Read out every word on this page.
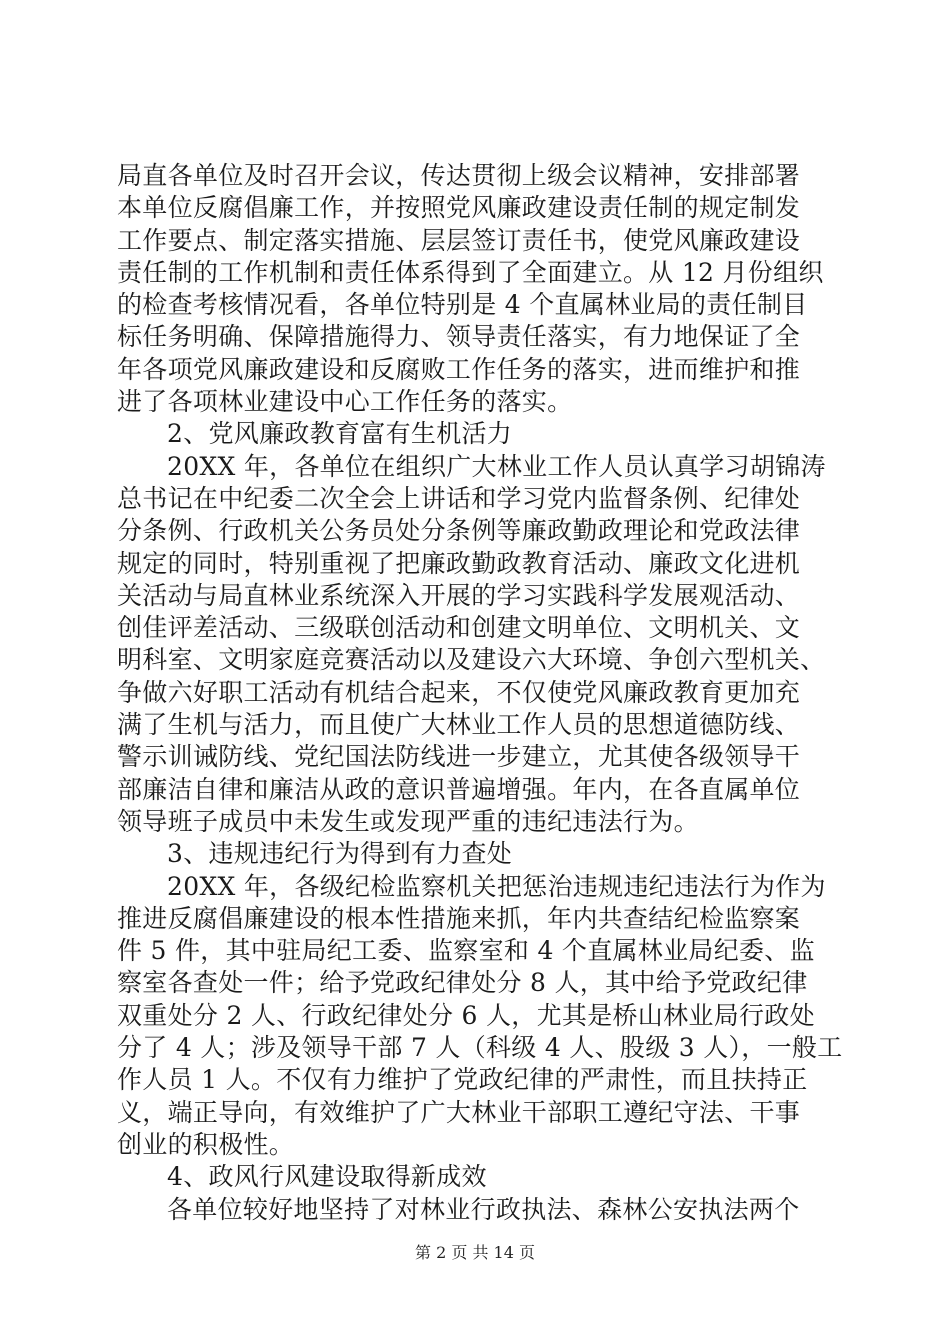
局直各单位及时召开会议，传达贯彻上级会议精神，安排部署
本单位反腐倡廉工作，并按照党风廉政建设责任制的规定制发
工作要点、制定落实措施、层层签订责任书，使党风廉政建设
责任制的工作机制和责任体系得到了全面建立。从 12 月份组织
的检查考核情况看，各单位特别是 4 个直属林业局的责任制目
标任务明确、保障措施得力、领导责任落实，有力地保证了全
年各项党风廉政建设和反腐败工作任务的落实，进而维护和推
进了各项林业建设中心工作任务的落实。
2、党风廉政教育富有生机活力
20XX 年，各单位在组织广大林业工作人员认真学习胡锦涛
总书记在中纪委二次全会上讲话和学习党内监督条例、纪律处
分条例、行政机关公务员处分条例等廉政勤政理论和党政法律
规定的同时，特别重视了把廉政勤政教育活动、廉政文化进机
关活动与局直林业系统深入开展的学习实践科学发展观活动、
创佳评差活动、三级联创活动和创建文明单位、文明机关、文
明科室、文明家庭竞赛活动以及建设六大环境、争创六型机关、
争做六好职工活动有机结合起来，不仅使党风廉政教育更加充
满了生机与活力，而且使广大林业工作人员的思想道德防线、
警示训诫防线、党纪国法防线进一步建立，尤其使各级领导干
部廉洁自律和廉洁从政的意识普遍增强。年内，在各直属单位
领导班子成员中未发生或发现严重的违纪违法行为。
3、违规违纪行为得到有力查处
20XX 年，各级纪检监察机关把惩治违规违纪违法行为作为
推进反腐倡廉建设的根本性措施来抓，年内共查结纪检监察案
件 5 件，其中驻局纪工委、监察室和 4 个直属林业局纪委、监
察室各查处一件；给予党政纪律处分 8 人，其中给予党政纪律
双重处分 2 人、行政纪律处分 6 人，尤其是桥山林业局行政处
分了 4 人；涉及领导干部 7 人（科级 4 人、股级 3 人），一般工
作人员 1 人。不仅有力维护了党政纪律的严肃性，而且扶持正
义，端正导向，有效维护了广大林业干部职工遵纪守法、干事
创业的积极性。
4、政风行风建设取得新成效
各单位较好地坚持了对林业行政执法、森林公安执法两个
第 2 页 共 14 页
